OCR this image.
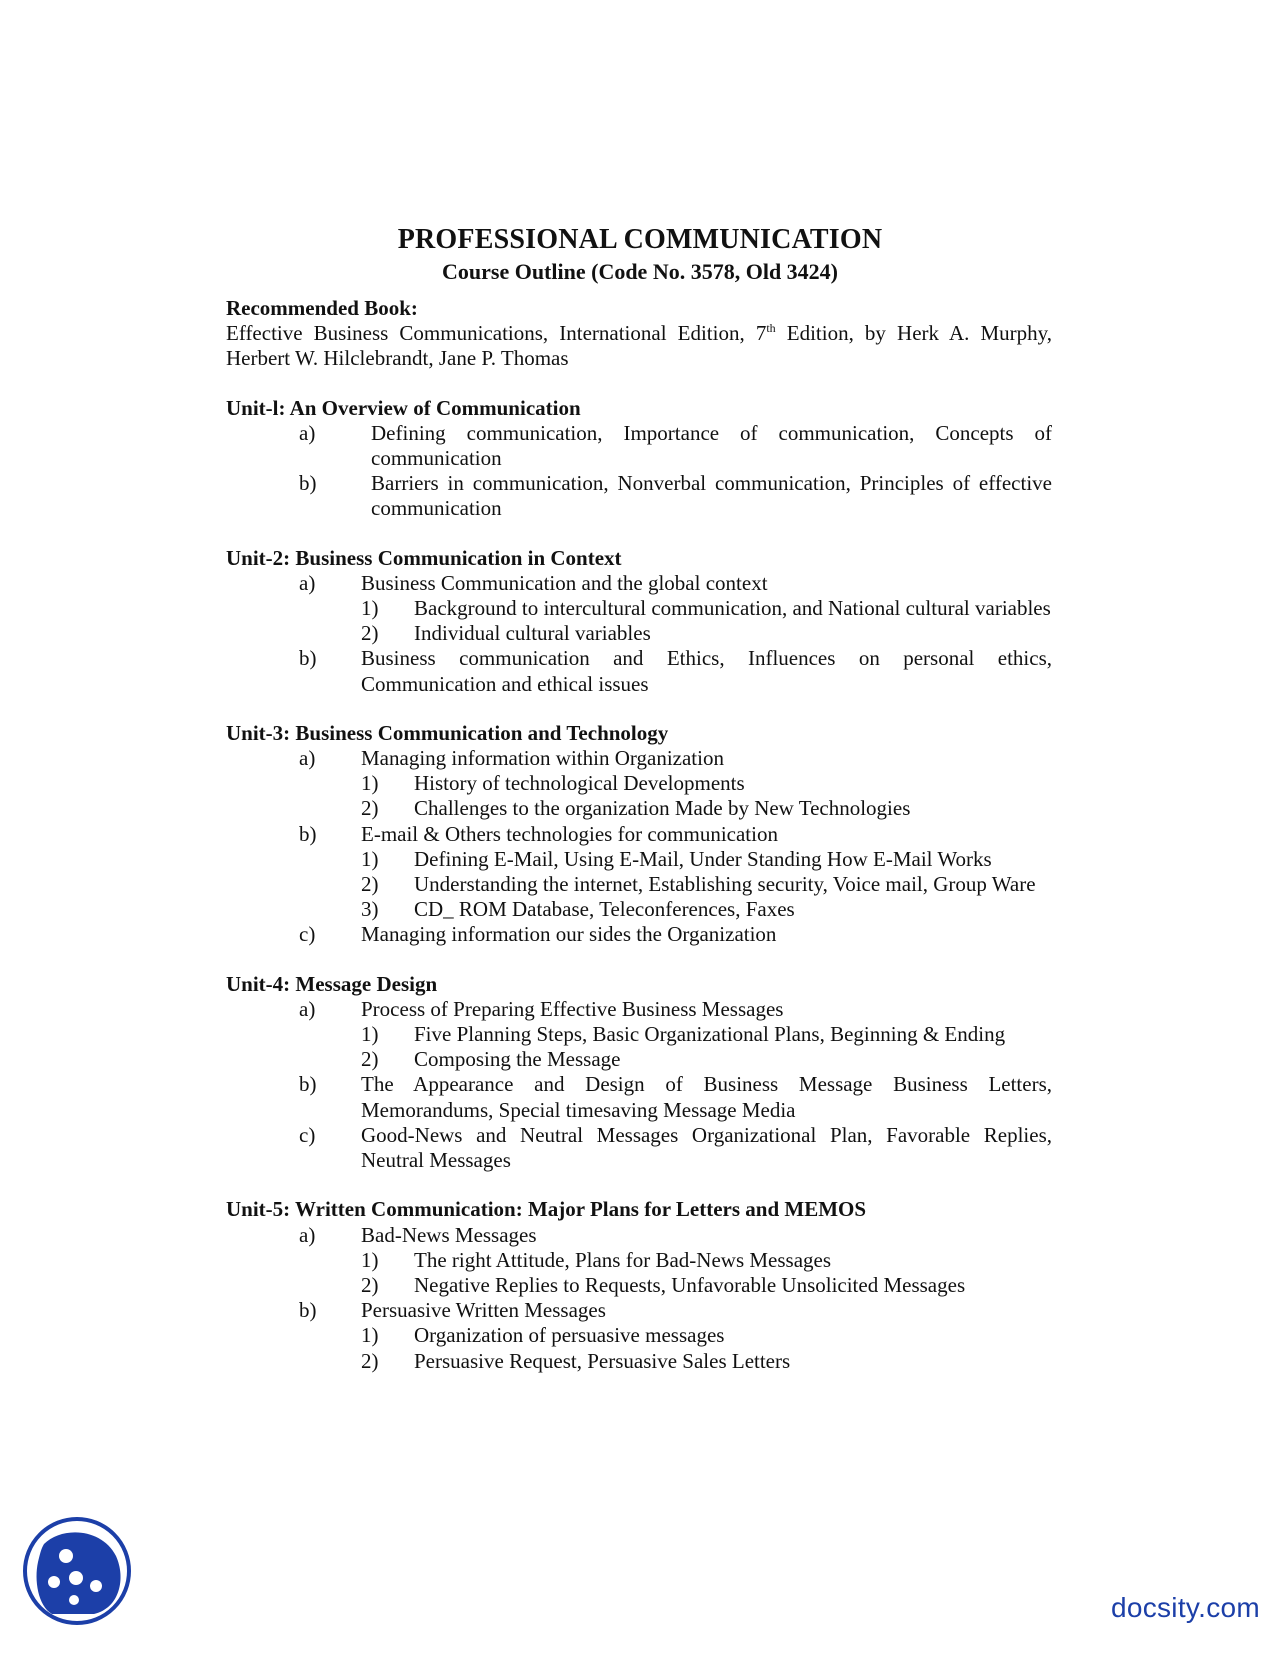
PROFESSIONAL COMMUNICATION
Course Outline (Code No. 3578, Old 3424)
Recommended Book:
Effective Business Communications, International Edition, 7th Edition, by Herk A. Murphy, Herbert W. Hilclebrandt, Jane P. Thomas
Unit-l: An Overview of Communication
a)	Defining communication, Importance of communication, Concepts of communication
b)	Barriers in communication, Nonverbal communication, Principles of effective communication
Unit-2: Business Communication in Context
a)	Business Communication and the global context
1)	Background to intercultural communication, and National cultural variables
2)	Individual cultural variables
b)	Business communication and Ethics, Influences on personal ethics, Communication and ethical issues
Unit-3: Business Communication and Technology
a)	Managing information within Organization
1)	History of technological Developments
2)	Challenges to the organization Made by New Technologies
b)	E-mail & Others technologies for communication
1)	Defining E-Mail, Using E-Mail, Under Standing How E-Mail Works
2)	Understanding the internet, Establishing security, Voice mail, Group Ware
3)	CD_ ROM Database, Teleconferences, Faxes
c)	Managing information our sides the Organization
Unit-4: Message Design
a)	Process of Preparing Effective Business Messages
1)	Five Planning Steps, Basic Organizational Plans, Beginning & Ending
2)	Composing the Message
b)	The Appearance and Design of Business Message Business Letters, Memorandums, Special timesaving Message Media
c)	Good-News and Neutral Messages Organizational Plan, Favorable Replies, Neutral Messages
Unit-5: Written Communication: Major Plans for Letters and MEMOS
a)	Bad-News Messages
1)	The right Attitude, Plans for Bad-News Messages
2)	Negative Replies to Requests, Unfavorable Unsolicited Messages
b)	Persuasive Written Messages
1)	Organization of persuasive messages
2)	Persuasive Request, Persuasive Sales Letters
docsity.com
